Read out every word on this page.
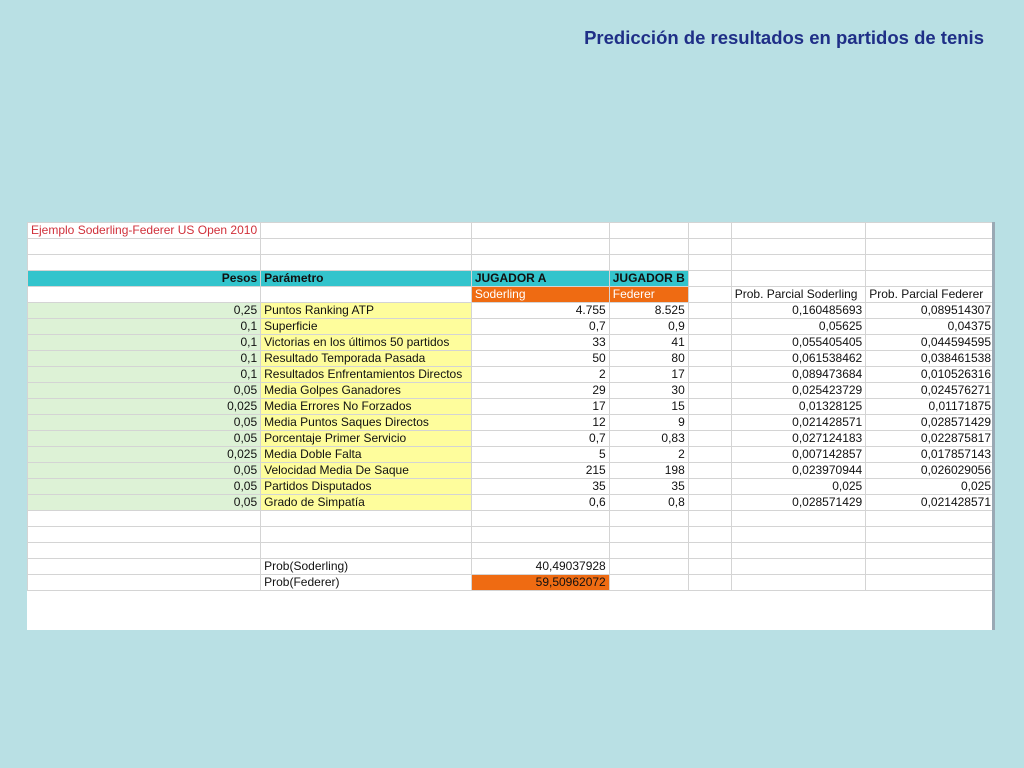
Predicción de resultados en partidos de tenis
Ejemplo Soderling-Federer US Open 2010						

Pesos	Parámetro	JUGADOR A	JUGADOR B			
		Soderling	Federer		Prob. Parcial Soderling	Prob. Parcial Federer
0,25	Puntos Ranking ATP	4.755	8.525		0,160485693	0,089514307
0,1	Superficie	0,7	0,9		0,05625	0,04375
0,1	Victorias en los últimos 50 partidos	33	41		0,055405405	0,044594595
0,1	Resultado Temporada Pasada	50	80		0,061538462	0,038461538
0,1	Resultados Enfrentamientos Directos	2	17		0,089473684	0,010526316
0,05	Media Golpes Ganadores	29	30		0,025423729	0,024576271
0,025	Media Errores No Forzados	17	15		0,01328125	0,01171875
0,05	Media Puntos Saques Directos	12	9		0,021428571	0,028571429
0,05	Porcentaje Primer Servicio	0,7	0,83		0,027124183	0,022875817
0,025	Media Doble Falta	5	2		0,007142857	0,017857143
0,05	Velocidad Media De Saque	215	198		0,023970944	0,026029056
0,05	Partidos Disputados	35	35		0,025	0,025
0,05	Grado de Simpatía	0,6	0,8		0,028571429	0,021428571

	Prob(Soderling)	40,49037928				
	Prob(Federer)	59,50962072				
